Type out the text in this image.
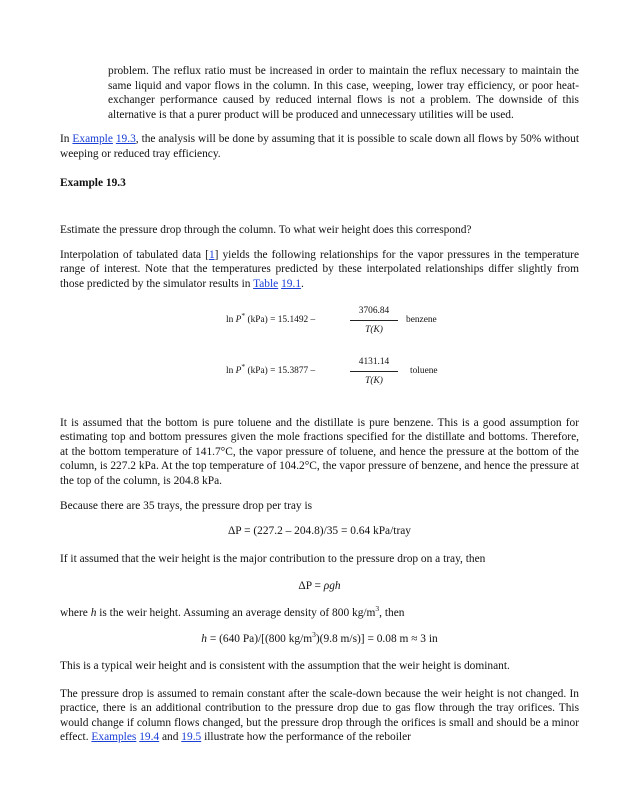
problem. The reflux ratio must be increased in order to maintain the reflux necessary to maintain the same liquid and vapor flows in the column. In this case, weeping, lower tray efficiency, or poor heat-exchanger performance caused by reduced internal flows is not a problem. The downside of this alternative is that a purer product will be produced and unnecessary utilities will be used.

In Example 19.3, the analysis will be done by assuming that it is possible to scale down all flows by 50% without weeping or reduced tray efficiency.

Example 19.3

Estimate the pressure drop through the column. To what weir height does this correspond?

Interpolation of tabulated data [1] yields the following relationships for the vapor pressures in the temperature range of interest. Note that the temperatures predicted by these interpolated relationships differ slightly from those predicted by the simulator results in Table 19.1.

ln P* (kPa) = 15.1492 –	$\frac{3706.84}{T(K)}$ benzene
ln P* (kPa) = 15.3877 –	$\frac{4131.14}{T(K)}$ toluene

It is assumed that the bottom is pure toluene and the distillate is pure benzene. This is a good assumption for estimating top and bottom pressures given the mole fractions specified for the distillate and bottoms. Therefore, at the bottom temperature of 141.7°C, the vapor pressure of toluene, and hence the pressure at the bottom of the column, is 227.2 kPa. At the top temperature of 104.2°C, the vapor pressure of benzene, and hence the pressure at the top of the column, is 204.8 kPa.

Because there are 35 trays, the pressure drop per tray is

ΔP = (227.2 – 204.8)/35 = 0.64 kPa/tray

If it assumed that the weir height is the major contribution to the pressure drop on a tray, then

ΔP = ρgh

where h is the weir height. Assuming an average density of 800 $kg/m^3$, then

h = (640 Pa)/[(800 $kg/m^3)(9.8$ m/s)] = 0.08 m ≈ 3 in

This is a typical weir height and is consistent with the assumption that the weir height is dominant.

The pressure drop is assumed to remain constant after the scale-down because the weir height is not changed. In practice, there is an additional contribution to the pressure drop due to gas flow through the tray orifices. This would change if column flows changed, but the pressure drop through the orifices is small and should be a minor effect. Examples 19.4 and 19.5 illustrate how the performance of the reboiler
